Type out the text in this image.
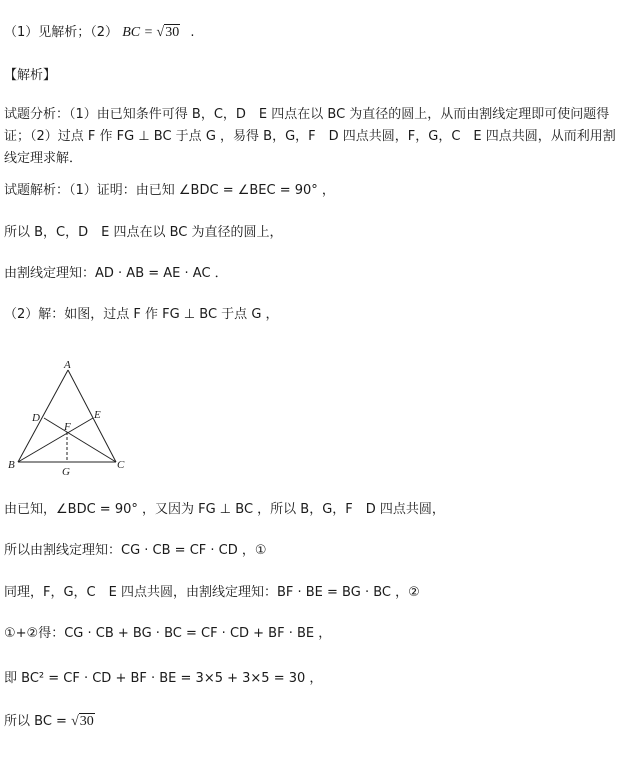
（1）见解析；（2） BC = √30 .
【解析】
试题分析：（1）由已知条件可得 B，C，D　E 四点在以 BC 为直径的圆上，从而由割线定理即可使问题得证；（2）过点 F 作 FG ⊥ BC 于点 G ，易得 B，G，F　D 四点共圆，F，G，C　E 四点共圆，从而利用割线定理求解．
试题解析：（1）证明：由已知 ∠BDC = ∠BEC = 90° ，
所以 B，C，D　E 四点在以 BC 为直径的圆上，
由割线定理知：AD · AB = AE · AC ．
（2）解：如图，过点 F 作 FG ⊥ BC 于点 G ，
A
D	E
F
B	C
G
由已知，∠BDC = 90° ，又因为 FG ⊥ BC ，所以 B，G，F　D 四点共圆，
所以由割线定理知：CG · CB = CF · CD ，①
同理，F，G，C　E 四点共圆，由割线定理知：BF · BE = BG · BC ，②
①+②得：CG · CB + BG · BC = CF · CD + BF · BE ，
即 BC² = CF · CD + BF · BE = 3×5 + 3×5 = 30 ，
所以 BC = √30
